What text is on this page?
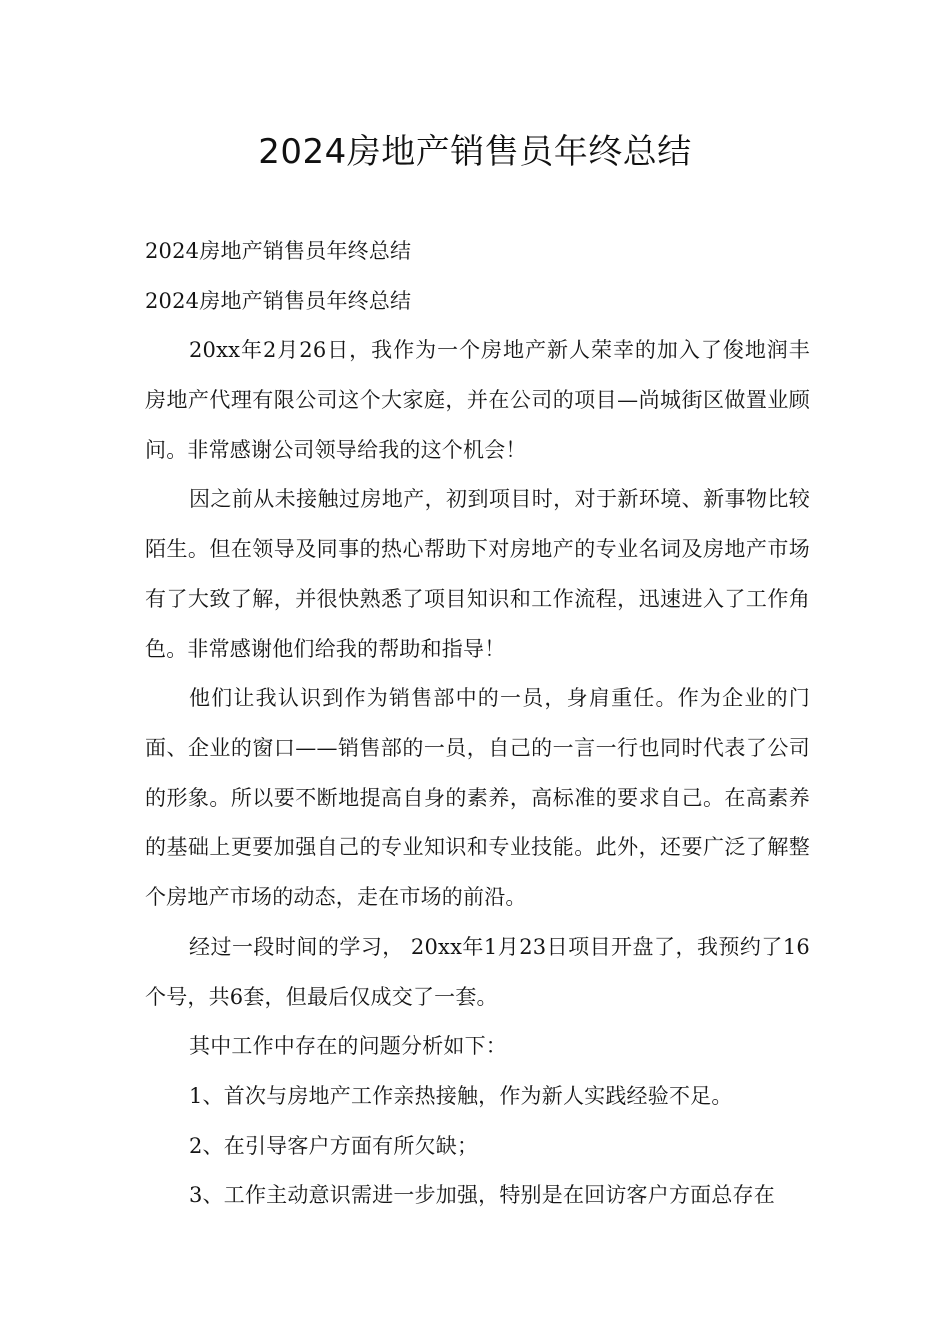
2024房地产销售员年终总结
2024房地产销售员年终总结
2024房地产销售员年终总结
20xx年2月26日，我作为一个房地产新人荣幸的加入了俊地润丰房地产代理有限公司这个大家庭，并在公司的项目—尚城街区做置业顾问。非常感谢公司领导给我的这个机会！
因之前从未接触过房地产，初到项目时，对于新环境、新事物比较陌生。但在领导及同事的热心帮助下对房地产的专业名词及房地产市场有了大致了解，并很快熟悉了项目知识和工作流程，迅速进入了工作角色。非常感谢他们给我的帮助和指导！
他们让我认识到作为销售部中的一员，身肩重任。作为企业的门面、企业的窗口——销售部的一员，自己的一言一行也同时代表了公司的形象。所以要不断地提高自身的素养，高标准的要求自己。在高素养的基础上更要加强自己的专业知识和专业技能。此外，还要广泛了解整个房地产市场的动态，走在市场的前沿。
经过一段时间的学习， 20xx年1月23日项目开盘了，我预约了16个号，共6套，但最后仅成交了一套。
其中工作中存在的问题分析如下：
1、首次与房地产工作亲热接触，作为新人实践经验不足。
2、在引导客户方面有所欠缺；
3、工作主动意识需进一步加强，特别是在回访客户方面总存在
